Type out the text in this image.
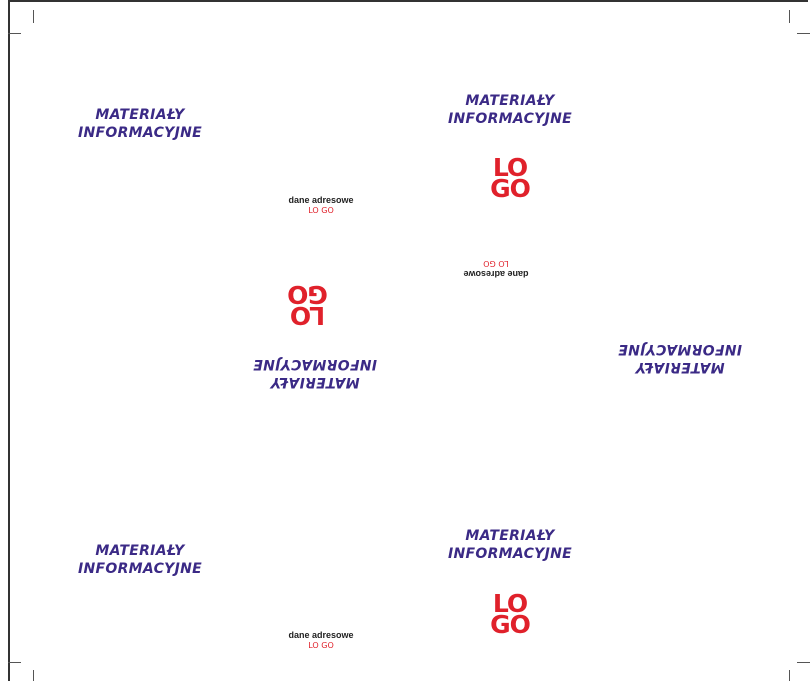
MATERIAŁY
INFORMACYJNE
MATERIAŁY
INFORMACYJNE
LO
GO
dane adresowe
LO GO
dane adresowe
LO GO
LO
GO
MATERIAŁY
INFORMACYJNE	MATERIAŁY
INFORMACYJNE
MATERIAŁY
INFORMACYJNE
MATERIAŁY
INFORMACYJNE
LO
GO
dane adresowe
LO GO
